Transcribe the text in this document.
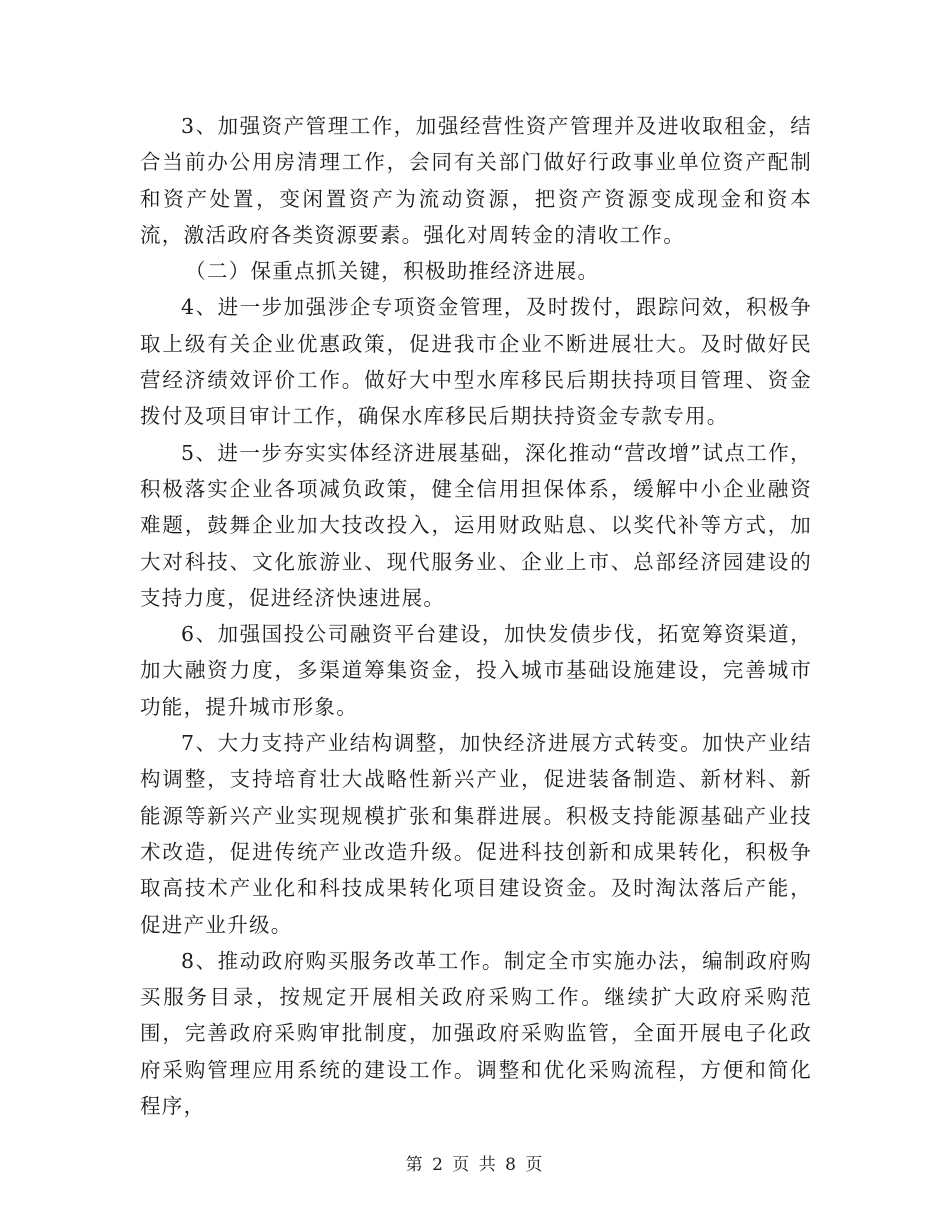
3、加强资产管理工作，加强经营性资产管理并及进收取租金，结合当前办公用房清理工作，会同有关部门做好行政事业单位资产配制和资产处置，变闲置资产为流动资源，把资产资源变成现金和资本流，激活政府各类资源要素。强化对周转金的清收工作。

（二）保重点抓关键，积极助推经济进展。

4、进一步加强涉企专项资金管理，及时拨付，跟踪问效，积极争取上级有关企业优惠政策，促进我市企业不断进展壮大。及时做好民营经济绩效评价工作。做好大中型水库移民后期扶持项目管理、资金拨付及项目审计工作，确保水库移民后期扶持资金专款专用。

5、进一步夯实实体经济进展基础，深化推动“营改增”试点工作，积极落实企业各项减负政策，健全信用担保体系，缓解中小企业融资难题，鼓舞企业加大技改投入，运用财政贴息、以奖代补等方式，加大对科技、文化旅游业、现代服务业、企业上市、总部经济园建设的支持力度，促进经济快速进展。

6、加强国投公司融资平台建设，加快发债步伐，拓宽筹资渠道，加大融资力度，多渠道筹集资金，投入城市基础设施建设，完善城市功能，提升城市形象。

7、大力支持产业结构调整，加快经济进展方式转变。加快产业结构调整，支持培育壮大战略性新兴产业，促进装备制造、新材料、新能源等新兴产业实现规模扩张和集群进展。积极支持能源基础产业技术改造，促进传统产业改造升级。促进科技创新和成果转化，积极争取高技术产业化和科技成果转化项目建设资金。及时淘汰落后产能，促进产业升级。

8、推动政府购买服务改革工作。制定全市实施办法，编制政府购买服务目录，按规定开展相关政府采购工作。继续扩大政府采购范围，完善政府采购审批制度，加强政府采购监管，全面开展电子化政府采购管理应用系统的建设工作。调整和优化采购流程，方便和简化程序，

第 2 页 共 8 页
